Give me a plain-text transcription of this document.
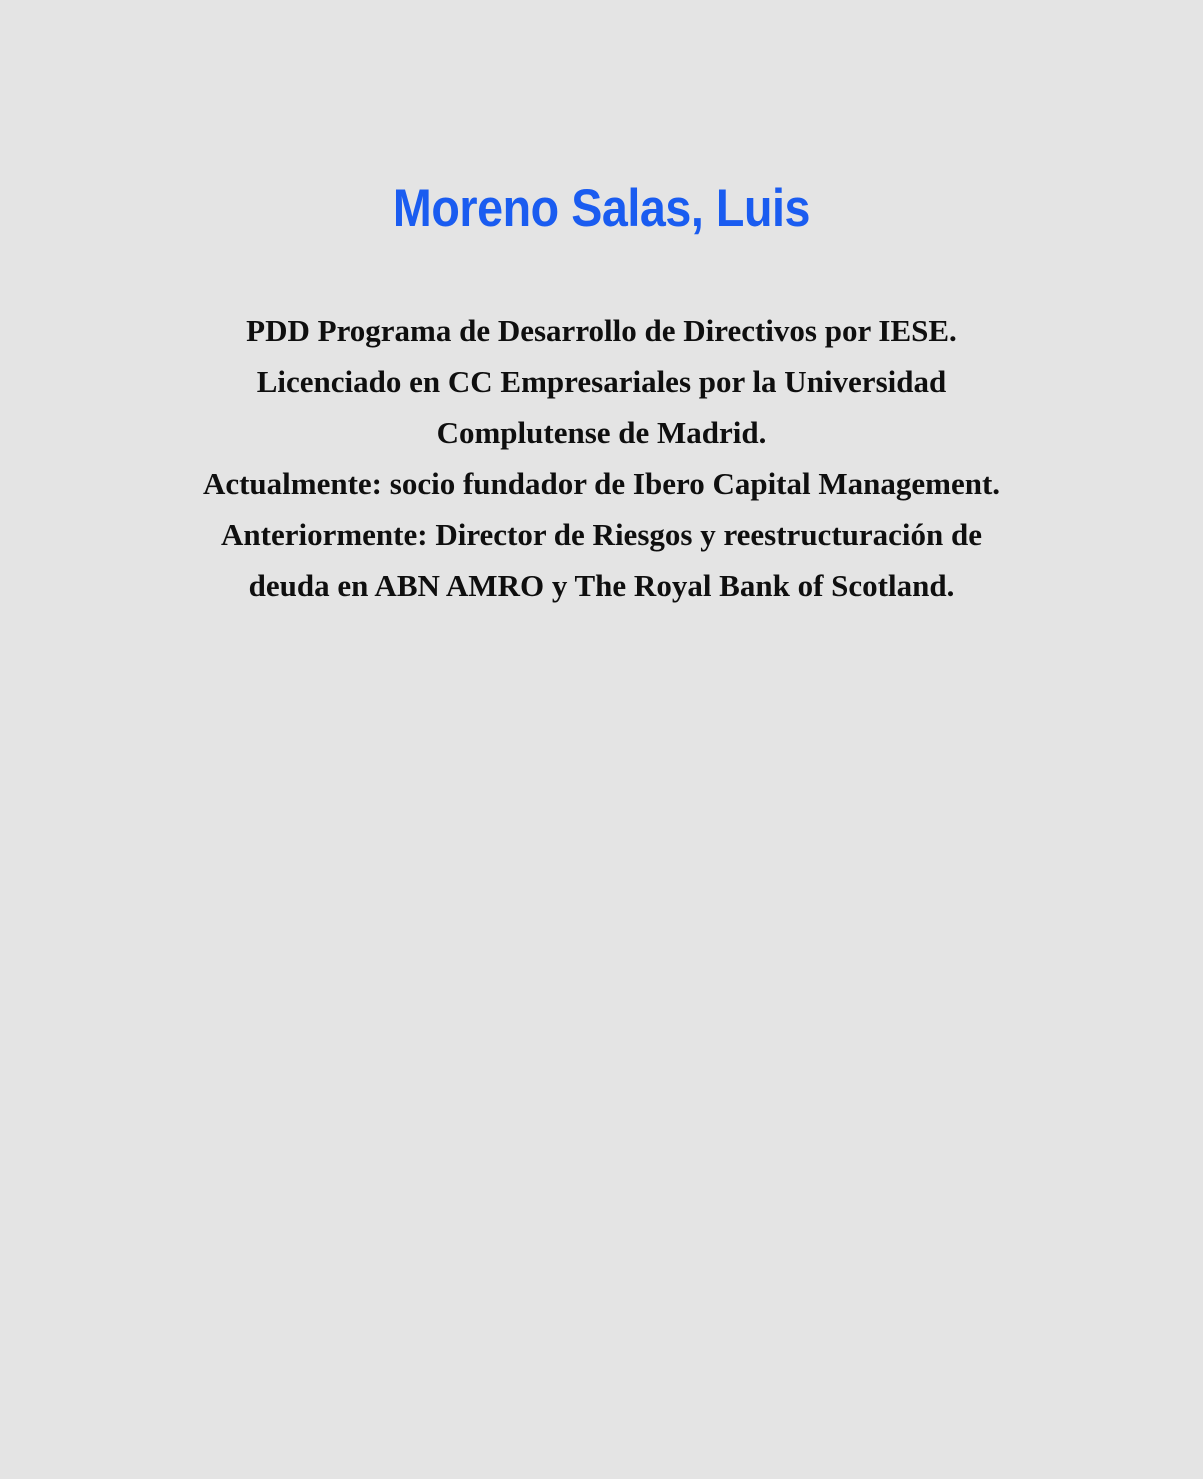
Moreno Salas, Luis
PDD Programa de Desarrollo de Directivos por IESE.
Licenciado en CC Empresariales por la Universidad
Complutense de Madrid.
Actualmente: socio fundador de Ibero Capital Management.
Anteriormente: Director de Riesgos y reestructuración de
deuda en ABN AMRO y The Royal Bank of Scotland.
